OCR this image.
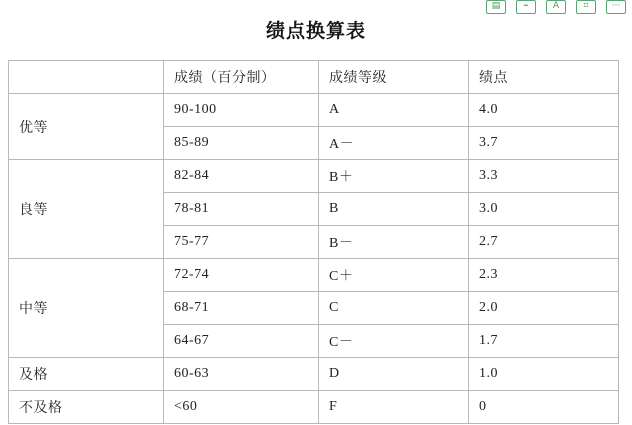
▤	⌁	A	⌗	⋯
绩点换算表
	成绩（百分制）	成绩等级	绩点
优等	90-100	A	4.0
	85-89	A－	3.7
良等	82-84	B＋	3.3
	78-81	B	3.0
	75-77	B－	2.7
中等	72-74	C＋	2.3
	68-71	C	2.0
	64-67	C－	1.7
及格	60-63	D	1.0
不及格	<60	F	0
